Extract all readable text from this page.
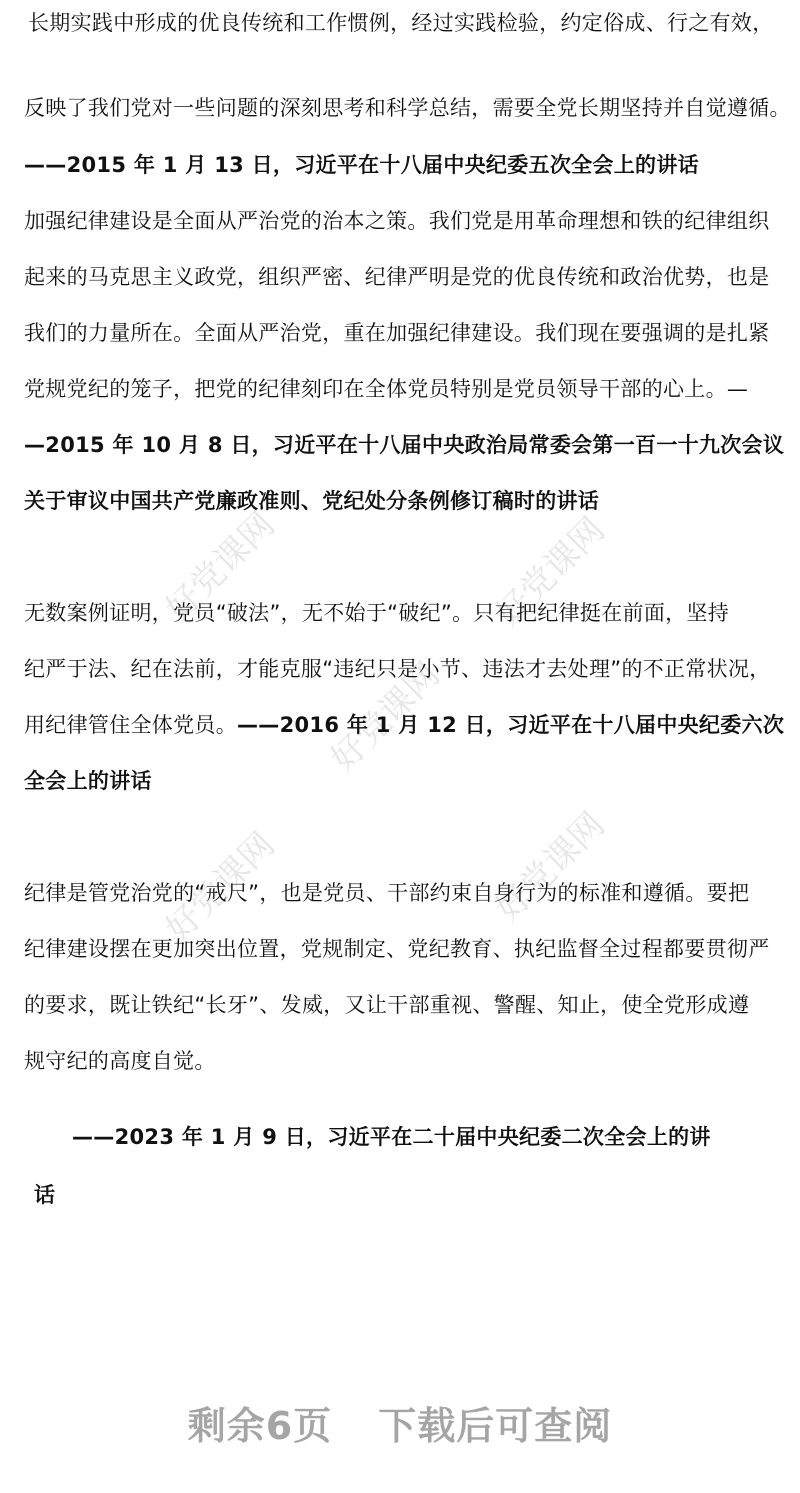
好党课网	好党课网
好党课网
好党课网	好党课网
长期实践中形成的优良传统和工作惯例，经过实践检验，约定俗成、行之有效，
反映了我们党对一些问题的深刻思考和科学总结，需要全党长期坚持并自觉遵循。
——2015 年 1 月 13 日，习近平在十八届中央纪委五次全会上的讲话
加强纪律建设是全面从严治党的治本之策。我们党是用革命理想和铁的纪律组织
起来的马克思主义政党，组织严密、纪律严明是党的优良传统和政治优势，也是
我们的力量所在。全面从严治党，重在加强纪律建设。我们现在要强调的是扎紧
党规党纪的笼子，把党的纪律刻印在全体党员特别是党员领导干部的心上。—
—2015 年 10 月 8 日，习近平在十八届中央政治局常委会第一百一十九次会议
关于审议中国共产党廉政准则、党纪处分条例修订稿时的讲话
无数案例证明，党员“破法”，无不始于“破纪”。只有把纪律挺在前面，坚持
纪严于法、纪在法前，才能克服“违纪只是小节、违法才去处理”的不正常状况，
用纪律管住全体党员。——2016 年 1 月 12 日，习近平在十八届中央纪委六次
全会上的讲话
纪律是管党治党的“戒尺”，也是党员、干部约束自身行为的标准和遵循。要把
纪律建设摆在更加突出位置，党规制定、党纪教育、执纪监督全过程都要贯彻严
的要求，既让铁纪“长牙”、发威，又让干部重视、警醒、知止，使全党形成遵
规守纪的高度自觉。
——2023 年 1 月 9 日，习近平在二十届中央纪委二次全会上的讲
话
剩余6页 下载后可查阅
